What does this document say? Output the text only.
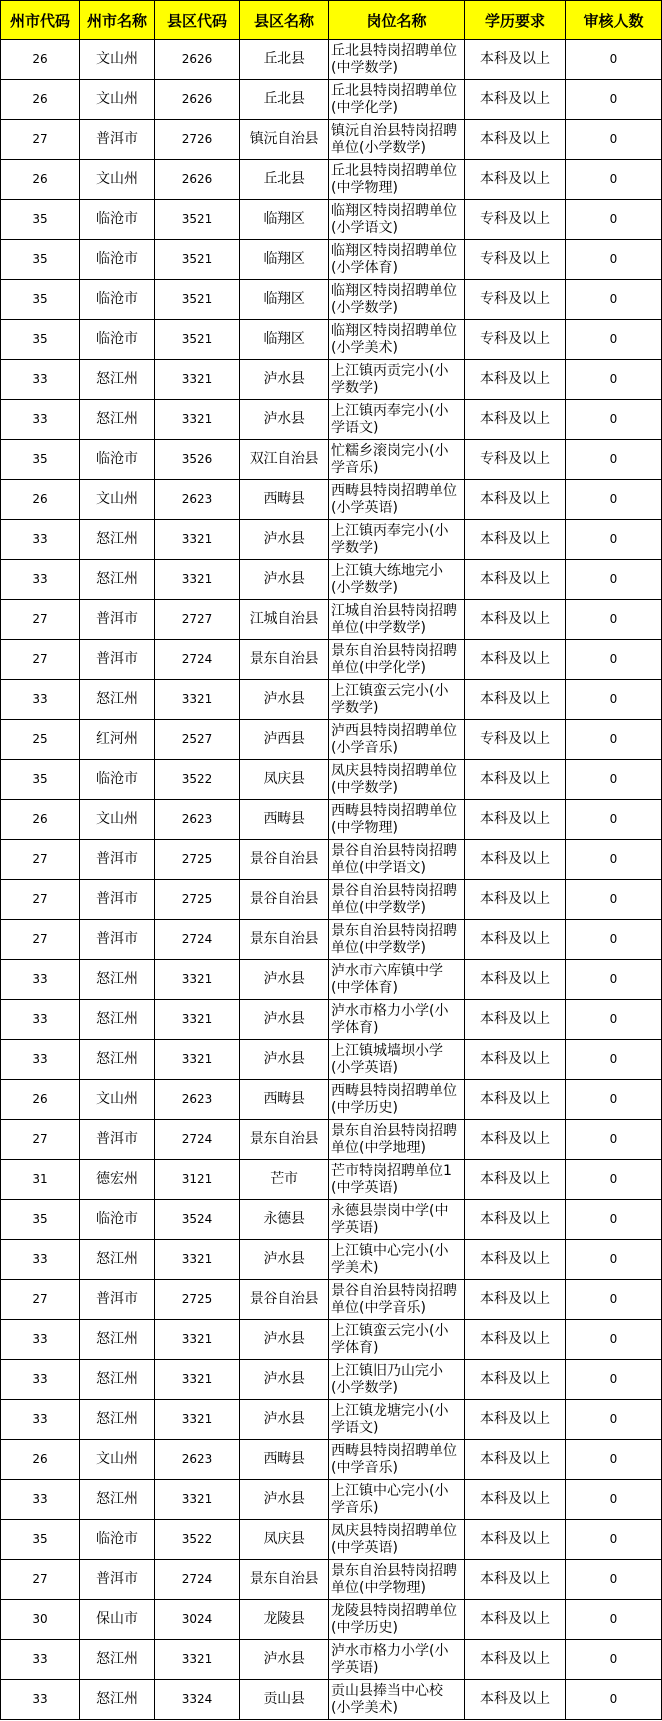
州市代码	州市名称	县区代码	县区名称	岗位名称	学历要求	审核人数
26	文山州	2626	丘北县	丘北县特岗招聘单位(中学数学)	本科及以上	0
26	文山州	2626	丘北县	丘北县特岗招聘单位(中学化学)	本科及以上	0
27	普洱市	2726	镇沅自治县	镇沅自治县特岗招聘单位(小学数学)	本科及以上	0
26	文山州	2626	丘北县	丘北县特岗招聘单位(中学物理)	本科及以上	0
35	临沧市	3521	临翔区	临翔区特岗招聘单位(小学语文)	专科及以上	0
35	临沧市	3521	临翔区	临翔区特岗招聘单位(小学体育)	专科及以上	0
35	临沧市	3521	临翔区	临翔区特岗招聘单位(小学数学)	专科及以上	0
35	临沧市	3521	临翔区	临翔区特岗招聘单位(小学美术)	专科及以上	0
33	怒江州	3321	泸水县	上江镇丙贡完小(小学数学)	本科及以上	0
33	怒江州	3321	泸水县	上江镇丙奉完小(小学语文)	本科及以上	0
35	临沧市	3526	双江自治县	忙糯乡滚岗完小(小学音乐)	专科及以上	0
26	文山州	2623	西畴县	西畴县特岗招聘单位(小学英语)	本科及以上	0
33	怒江州	3321	泸水县	上江镇丙奉完小(小学数学)	本科及以上	0
33	怒江州	3321	泸水县	上江镇大练地完小(小学数学)	本科及以上	0
27	普洱市	2727	江城自治县	江城自治县特岗招聘单位(中学数学)	本科及以上	0
27	普洱市	2724	景东自治县	景东自治县特岗招聘单位(中学化学)	本科及以上	0
33	怒江州	3321	泸水县	上江镇蛮云完小(小学数学)	本科及以上	0
25	红河州	2527	泸西县	泸西县特岗招聘单位(小学音乐)	专科及以上	0
35	临沧市	3522	凤庆县	凤庆县特岗招聘单位(中学数学)	本科及以上	0
26	文山州	2623	西畴县	西畴县特岗招聘单位(中学物理)	本科及以上	0
27	普洱市	2725	景谷自治县	景谷自治县特岗招聘单位(中学语文)	本科及以上	0
27	普洱市	2725	景谷自治县	景谷自治县特岗招聘单位(中学数学)	本科及以上	0
27	普洱市	2724	景东自治县	景东自治县特岗招聘单位(中学数学)	本科及以上	0
33	怒江州	3321	泸水县	泸水市六库镇中学(中学体育)	本科及以上	0
33	怒江州	3321	泸水县	泸水市格力小学(小学体育)	本科及以上	0
33	怒江州	3321	泸水县	上江镇城墙坝小学(小学英语)	本科及以上	0
26	文山州	2623	西畴县	西畴县特岗招聘单位(中学历史)	本科及以上	0
27	普洱市	2724	景东自治县	景东自治县特岗招聘单位(中学地理)	本科及以上	0
31	德宏州	3121	芒市	芒市特岗招聘单位1(中学英语)	本科及以上	0
35	临沧市	3524	永德县	永德县崇岗中学(中学英语)	本科及以上	0
33	怒江州	3321	泸水县	上江镇中心完小(小学美术)	本科及以上	0
27	普洱市	2725	景谷自治县	景谷自治县特岗招聘单位(中学音乐)	本科及以上	0
33	怒江州	3321	泸水县	上江镇蛮云完小(小学体育)	本科及以上	0
33	怒江州	3321	泸水县	上江镇旧乃山完小(小学数学)	本科及以上	0
33	怒江州	3321	泸水县	上江镇龙塘完小(小学语文)	本科及以上	0
26	文山州	2623	西畴县	西畴县特岗招聘单位(中学音乐)	本科及以上	0
33	怒江州	3321	泸水县	上江镇中心完小(小学音乐)	本科及以上	0
35	临沧市	3522	凤庆县	凤庆县特岗招聘单位(中学英语)	本科及以上	0
27	普洱市	2724	景东自治县	景东自治县特岗招聘单位(中学物理)	本科及以上	0
30	保山市	3024	龙陵县	龙陵县特岗招聘单位(中学历史)	本科及以上	0
33	怒江州	3321	泸水县	泸水市格力小学(小学英语)	本科及以上	0
33	怒江州	3324	贡山县	贡山县捧当中心校(小学美术)	本科及以上	0
